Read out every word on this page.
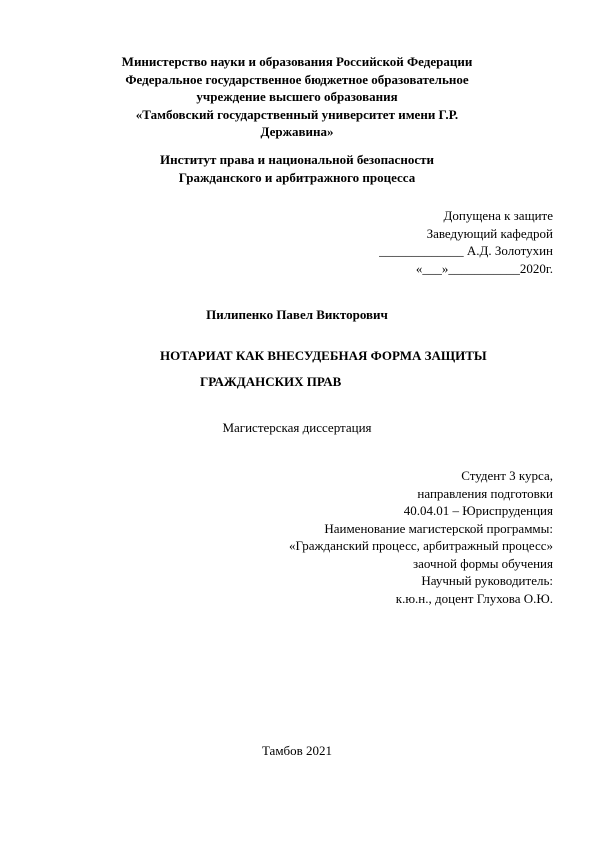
Министерство науки и образования Российской Федерации
Федеральное государственное бюджетное образовательное
учреждение высшего образования
«Тамбовский государственный университет имени Г.Р.
Державина»
Институт права и национальной безопасности
Гражданского и арбитражного процесса
Допущена к защите
Заведующий кафедрой
_____________ А.Д. Золотухин
«___»___________2020г.
Пилипенко Павел Викторович
НОТАРИАТ КАК ВНЕСУДЕБНАЯ ФОРМА ЗАЩИТЫ
ГРАЖДАНСКИХ ПРАВ
Магистерская диссертация
Студент 3 курса,
направления подготовки
40.04.01 – Юриспруденция
Наименование магистерской программы:
«Гражданский процесс, арбитражный процесс»
заочной формы обучения
Научный руководитель:
к.ю.н., доцент Глухова О.Ю.
Тамбов 2021
